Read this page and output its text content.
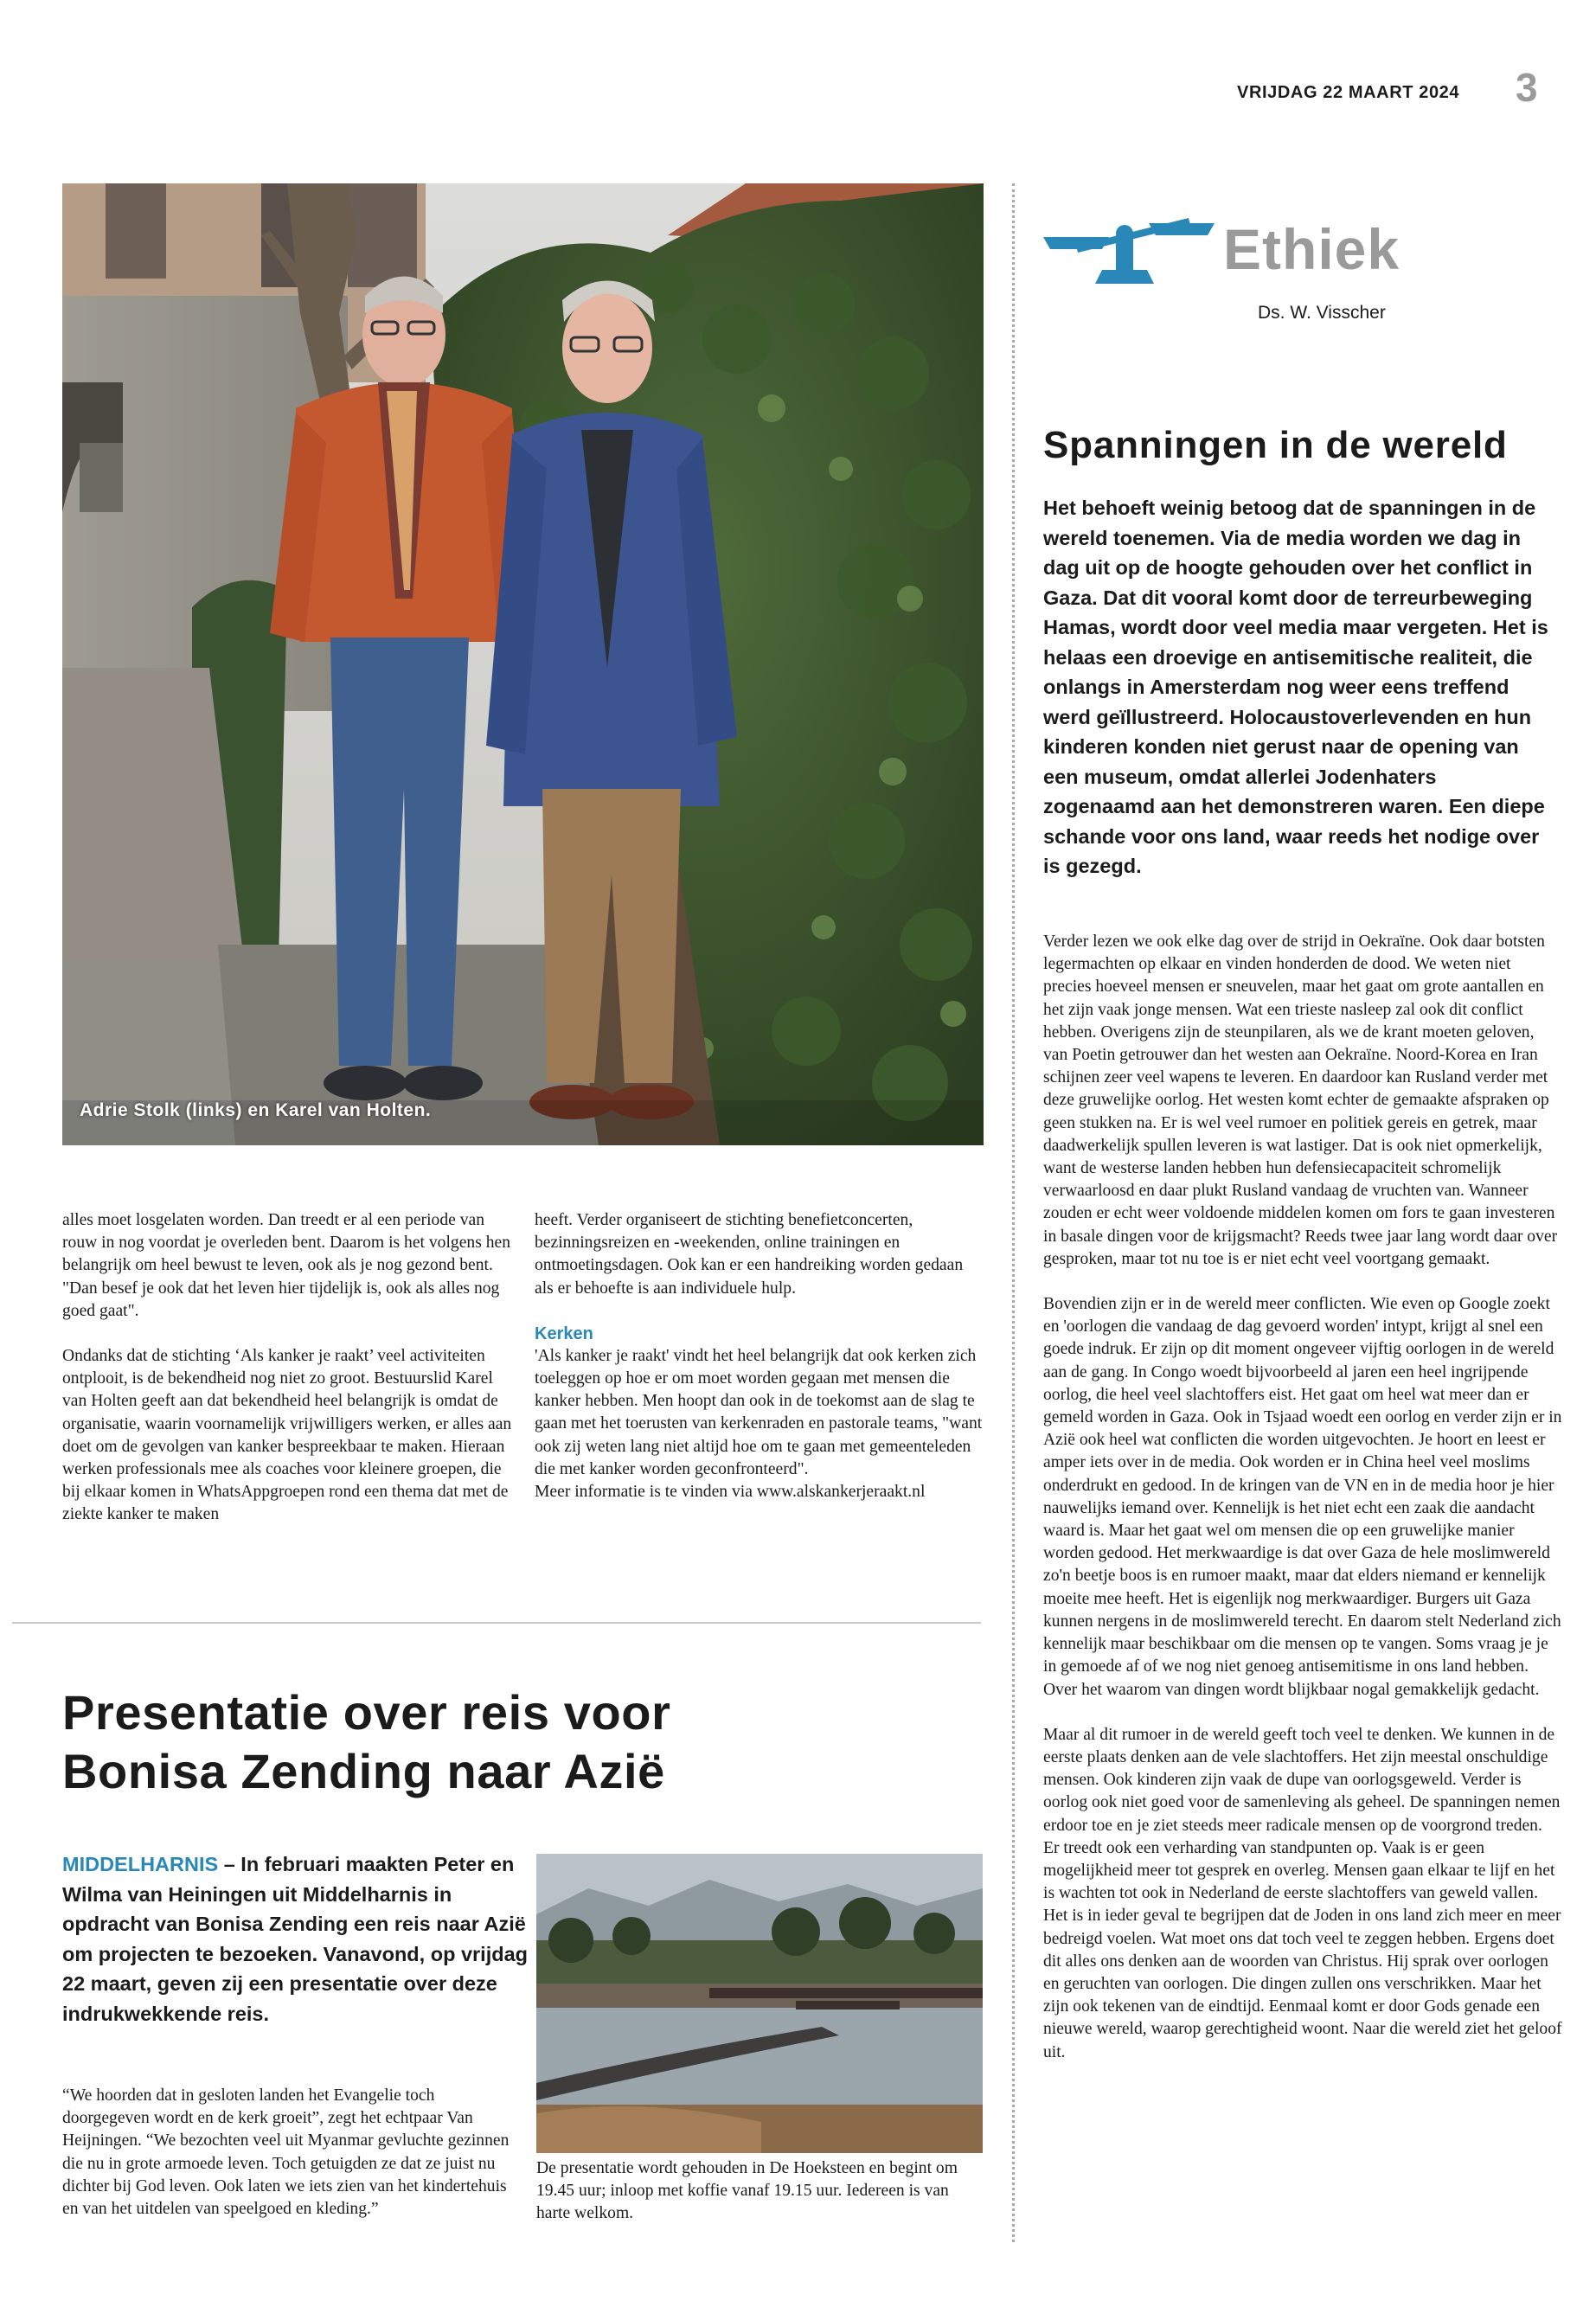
VRIJDAG 22 MAART 2024 3
Adrie Stolk (links) en Karel van Holten.

alles moet losgelaten worden. Dan treedt er al een periode van rouw in nog voordat je overleden bent. Daarom is het volgens hen belangrijk om heel bewust te leven, ook als je nog gezond bent. "Dan besef je ook dat het leven hier tijdelijk is, ook als alles nog goed gaat".

Ondanks dat de stichting ‘Als kanker je raakt’ veel activiteiten ontplooit, is de bekendheid nog niet zo groot. Bestuurslid Karel van Holten geeft aan dat bekendheid heel belangrijk is omdat de organisatie, waarin voornamelijk vrijwilligers werken, er alles aan doet om de gevolgen van kanker bespreekbaar te maken. Hieraan werken professionals mee als coaches voor kleinere groepen, die bij elkaar komen in WhatsAppgroepen rond een thema dat met de ziekte kanker te maken

heeft. Verder organiseert de stichting benefietconcerten, bezinningsreizen en -weekenden, online trainingen en ontmoetingsdagen. Ook kan er een handreiking worden gedaan als er behoefte is aan individuele hulp.

Kerken
'Als kanker je raakt' vindt het heel belangrijk dat ook kerken zich toeleggen op hoe er om moet worden gegaan met mensen die kanker hebben. Men hoopt dan ook in de toekomst aan de slag te gaan met het toerusten van kerkenraden en pastorale teams, "want ook zij weten lang niet altijd hoe om te gaan met gemeenteleden die met kanker worden geconfronteerd".
Meer informatie is te vinden via www.alskankerjeraakt.nl
Presentatie over reis voor
Bonisa Zending naar Azië

MIDDELHARNIS – In februari maakten Peter en Wilma van Heiningen uit Middelharnis in opdracht van Bonisa Zending een reis naar Azië om projecten te bezoeken. Vanavond, op vrijdag 22 maart, geven zij een presentatie over deze indrukwekkende reis.

“We hoorden dat in gesloten landen het Evangelie toch doorgegeven wordt en de kerk groeit”, zegt het echtpaar Van Heijningen. “We bezochten veel uit Myanmar gevluchte gezinnen die nu in grote armoede leven. Toch getuigden ze dat ze juist nu dichter bij God leven. Ook laten we iets zien van het kindertehuis en van het uitdelen van speelgoed en kleding.”
De presentatie wordt gehouden in De Hoeksteen en begint om 19.45 uur; inloop met koffie vanaf 19.15 uur. Iedereen is van harte welkom.
Ethiek
Ds. W. Visscher
Spanningen in de wereld

Het behoeft weinig betoog dat de spanningen in de wereld toenemen. Via de media worden we dag in dag uit op de hoogte gehouden over het conflict in Gaza. Dat dit vooral komt door de terreurbeweging Hamas, wordt door veel media maar vergeten. Het is helaas een droevige en antisemitische realiteit, die onlangs in Amersterdam nog weer eens treffend werd geïllustreerd. Holocaustoverlevenden en hun kinderen konden niet gerust naar de opening van een museum, omdat allerlei Jodenhaters zogenaamd aan het demonstreren waren. Een diepe schande voor ons land, waar reeds het nodige over is gezegd.

Verder lezen we ook elke dag over de strijd in Oekraïne. Ook daar botsten legermachten op elkaar en vinden honderden de dood. We weten niet precies hoeveel mensen er sneuvelen, maar het gaat om grote aantallen en het zijn vaak jonge mensen. Wat een trieste nasleep zal ook dit conflict hebben. Overigens zijn de steunpilaren, als we de krant moeten geloven, van Poetin getrouwer dan het westen aan Oekraïne. Noord-Korea en Iran schijnen zeer veel wapens te leveren. En daardoor kan Rusland verder met deze gruwelijke oorlog. Het westen komt echter de gemaakte afspraken op geen stukken na. Er is wel veel rumoer en politiek gereis en getrek, maar daadwerkelijk spullen leveren is wat lastiger. Dat is ook niet opmerkelijk, want de westerse landen hebben hun defensiecapaciteit schromelijk verwaarloosd en daar plukt Rusland vandaag de vruchten van. Wanneer zouden er echt weer voldoende middelen komen om fors te gaan investeren in basale dingen voor de krijgsmacht? Reeds twee jaar lang wordt daar over gesproken, maar tot nu toe is er niet echt veel voortgang gemaakt.

Bovendien zijn er in de wereld meer conflicten. Wie even op Google zoekt en 'oorlogen die vandaag de dag gevoerd worden' intypt, krijgt al snel een goede indruk. Er zijn op dit moment ongeveer vijftig oorlogen in de wereld aan de gang. In Congo woedt bijvoorbeeld al jaren een heel ingrijpende oorlog, die heel veel slachtoffers eist. Het gaat om heel wat meer dan er gemeld worden in Gaza. Ook in Tsjaad woedt een oorlog en verder zijn er in Azië ook heel wat conflicten die worden uitgevochten. Je hoort en leest er amper iets over in de media. Ook worden er in China heel veel moslims onderdrukt en gedood. In de kringen van de VN en in de media hoor je hier nauwelijks iemand over. Kennelijk is het niet echt een zaak die aandacht waard is. Maar het gaat wel om mensen die op een gruwelijke manier worden gedood. Het merkwaardige is dat over Gaza de hele moslimwereld zo'n beetje boos is en rumoer maakt, maar dat elders niemand er kennelijk moeite mee heeft. Het is eigenlijk nog merkwaardiger. Burgers uit Gaza kunnen nergens in de moslimwereld terecht. En daarom stelt Nederland zich kennelijk maar beschikbaar om die mensen op te vangen. Soms vraag je je in gemoede af of we nog niet genoeg antisemitisme in ons land hebben. Over het waarom van dingen wordt blijkbaar nogal gemakkelijk gedacht.

Maar al dit rumoer in de wereld geeft toch veel te denken. We kunnen in de eerste plaats denken aan de vele slachtoffers. Het zijn meestal onschuldige mensen. Ook kinderen zijn vaak de dupe van oorlogsgeweld. Verder is oorlog ook niet goed voor de samenleving als geheel. De spanningen nemen erdoor toe en je ziet steeds meer radicale mensen op de voorgrond treden. Er treedt ook een verharding van standpunten op. Vaak is er geen mogelijkheid meer tot gesprek en overleg. Mensen gaan elkaar te lijf en het is wachten tot ook in Nederland de eerste slachtoffers van geweld vallen. Het is in ieder geval te begrijpen dat de Joden in ons land zich meer en meer bedreigd voelen. Wat moet ons dat toch veel te zeggen hebben. Ergens doet dit alles ons denken aan de woorden van Christus. Hij sprak over oorlogen en geruchten van oorlogen. Die dingen zullen ons verschrikken. Maar het zijn ook tekenen van de eindtijd. Eenmaal komt er door Gods genade een nieuwe wereld, waarop gerechtigheid woont. Naar die wereld ziet het geloof uit.
